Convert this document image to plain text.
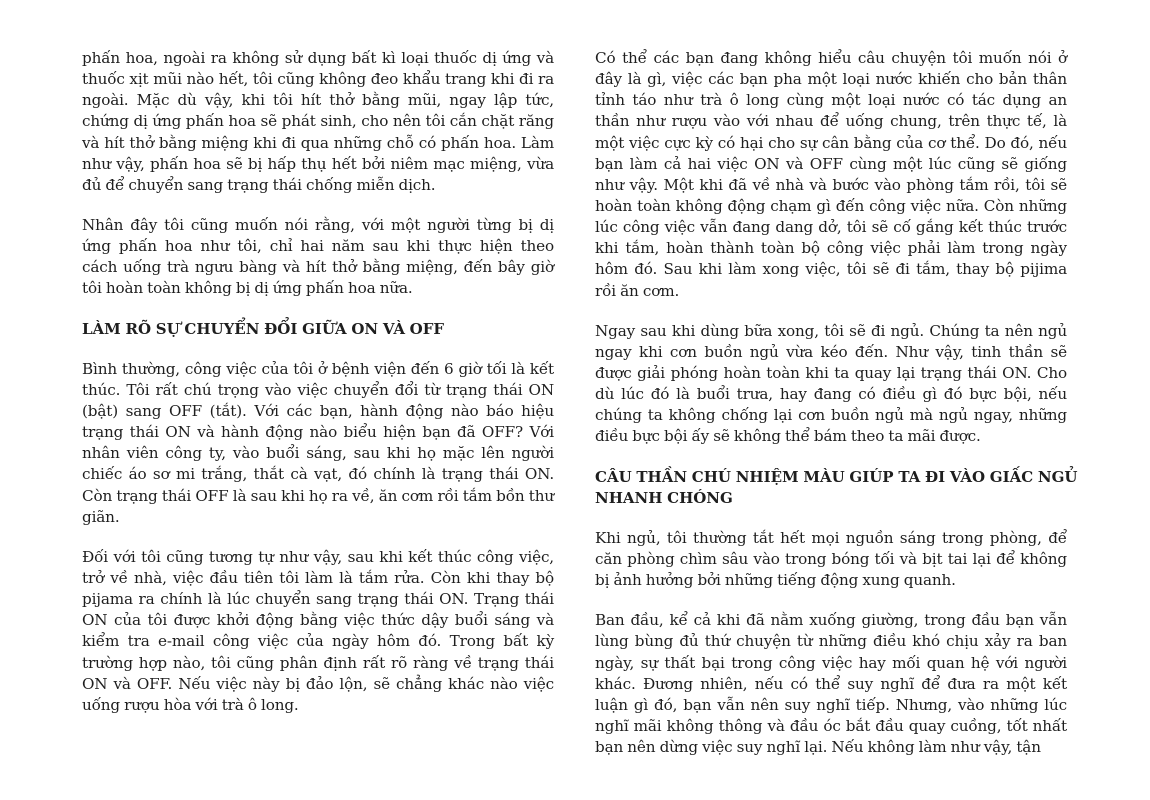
phấn hoa, ngoài ra không sử dụng bất kì loại thuốc dị ứng và
thuốc xịt mũi nào hết, tôi cũng không đeo khẩu trang khi đi ra
ngoài. Mặc dù vậy, khi tôi hít thở bằng mũi, ngay lập tức,
chứng dị ứng phấn hoa sẽ phát sinh, cho nên tôi cắn chặt răng
và hít thở bằng miệng khi đi qua những chỗ có phấn hoa. Làm
như vậy, phấn hoa sẽ bị hấp thụ hết bởi niêm mạc miệng, vừa
đủ để chuyển sang trạng thái chống miễn dịch.
Nhân đây tôi cũng muốn nói rằng, với một người từng bị dị
ứng phấn hoa như tôi, chỉ hai năm sau khi thực hiện theo
cách uống trà ngưu bàng và hít thở bằng miệng, đến bây giờ
tôi hoàn toàn không bị dị ứng phấn hoa nữa.
LÀM RÕ SỰ CHUYỂN ĐỔI GIỮA ON VÀ OFF
Bình thường, công việc của tôi ở bệnh viện đến 6 giờ tối là kết
thúc. Tôi rất chú trọng vào việc chuyển đổi từ trạng thái ON
(bật) sang OFF (tắt). Với các bạn, hành động nào báo hiệu
trạng thái ON và hành động nào biểu hiện bạn đã OFF? Với
nhân viên công ty, vào buổi sáng, sau khi họ mặc lên người
chiếc áo sơ mi trắng, thắt cà vạt, đó chính là trạng thái ON.
Còn trạng thái OFF là sau khi họ ra về, ăn cơm rồi tắm bồn thư
giãn.
Đối với tôi cũng tương tự như vậy, sau khi kết thúc công việc,
trở về nhà, việc đầu tiên tôi làm là tắm rửa. Còn khi thay bộ
pijama ra chính là lúc chuyển sang trạng thái ON. Trạng thái
ON của tôi được khởi động bằng việc thức dậy buổi sáng và
kiểm tra e-mail công việc của ngày hôm đó. Trong bất kỳ
trường hợp nào, tôi cũng phân định rất rõ ràng về trạng thái
ON và OFF. Nếu việc này bị đảo lộn, sẽ chẳng khác nào việc
uống rượu hòa với trà ô long.
Có thể các bạn đang không hiểu câu chuyện tôi muốn nói ở
đây là gì, việc các bạn pha một loại nước khiến cho bản thân
tỉnh táo như trà ô long cùng một loại nước có tác dụng an
thần như rượu vào với nhau để uống chung, trên thực tế, là
một việc cực kỳ có hại cho sự cân bằng của cơ thể. Do đó, nếu
bạn làm cả hai việc ON và OFF cùng một lúc cũng sẽ giống
như vậy. Một khi đã về nhà và bước vào phòng tắm rồi, tôi sẽ
hoàn toàn không động chạm gì đến công việc nữa. Còn những
lúc công việc vẫn đang dang dở, tôi sẽ cố gắng kết thúc trước
khi tắm, hoàn thành toàn bộ công việc phải làm trong ngày
hôm đó. Sau khi làm xong việc, tôi sẽ đi tắm, thay bộ pijima
rồi ăn cơm.
Ngay sau khi dùng bữa xong, tôi sẽ đi ngủ. Chúng ta nên ngủ
ngay khi cơn buồn ngủ vừa kéo đến. Như vậy, tinh thần sẽ
được giải phóng hoàn toàn khi ta quay lại trạng thái ON. Cho
dù lúc đó là buổi trưa, hay đang có điều gì đó bực bội, nếu
chúng ta không chống lại cơn buồn ngủ mà ngủ ngay, những
điều bực bội ấy sẽ không thể bám theo ta mãi được.
CÂU THẦN CHÚ NHIỆM MÀU GIÚP TA ĐI VÀO GIẤC NGỦ
NHANH CHÓNG
Khi ngủ, tôi thường tắt hết mọi nguồn sáng trong phòng, để
căn phòng chìm sâu vào trong bóng tối và bịt tai lại để không
bị ảnh hưởng bởi những tiếng động xung quanh.
Ban đầu, kể cả khi đã nằm xuống giường, trong đầu bạn vẫn
lùng bùng đủ thứ chuyện từ những điều khó chịu xảy ra ban
ngày, sự thất bại trong công việc hay mối quan hệ với người
khác. Đương nhiên, nếu có thể suy nghĩ để đưa ra một kết
luận gì đó, bạn vẫn nên suy nghĩ tiếp. Nhưng, vào những lúc
nghĩ mãi không thông và đầu óc bắt đầu quay cuồng, tốt nhất
bạn nên dừng việc suy nghĩ lại. Nếu không làm như vậy, tận
